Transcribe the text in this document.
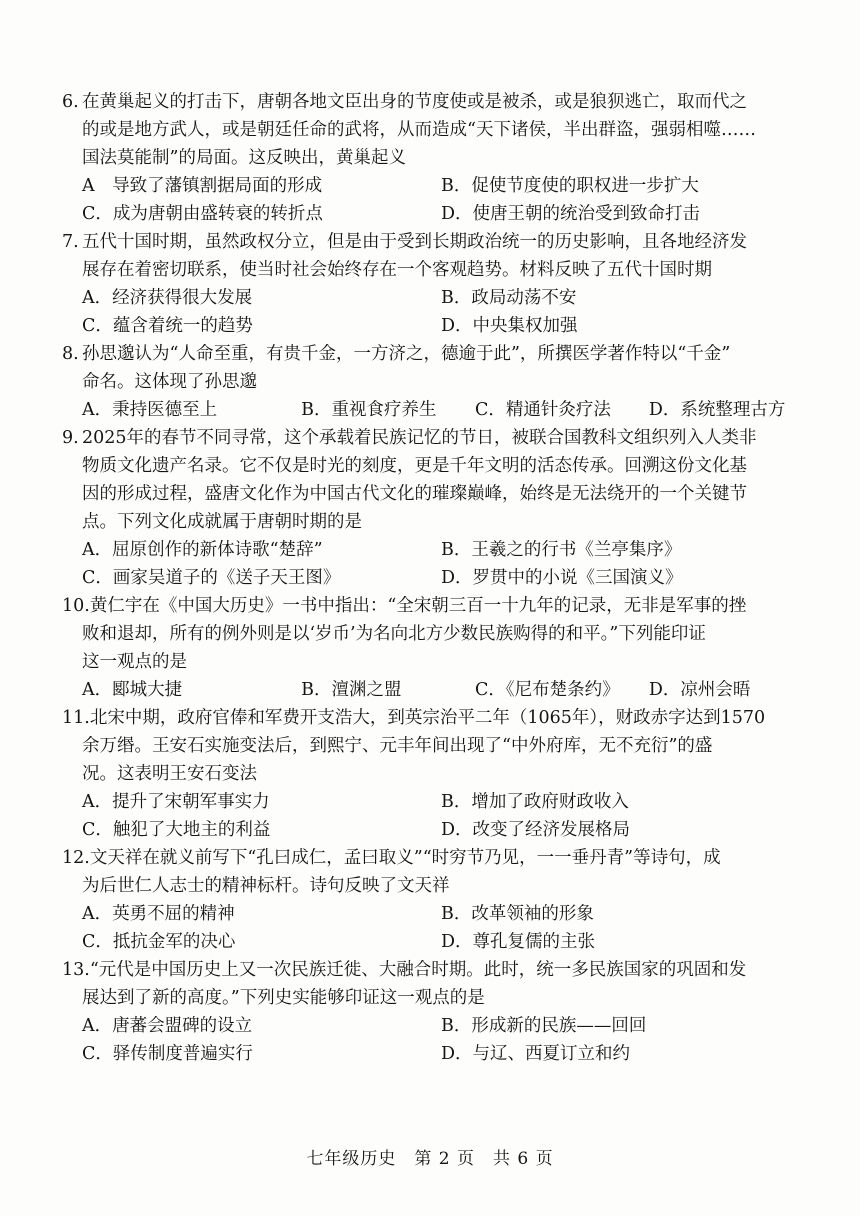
6. 在黄巢起义的打击下，唐朝各地文臣出身的节度使或是被杀，或是狼狈逃亡，取而代之

的或是地方武人，或是朝廷任命的武将，从而造成“天下诸侯，半出群盗，强弱相噬……

国法莫能制”的局面。这反映出，黄巢起义

A　导致了藩镇割据局面的形成	B．促使节度使的职权进一步扩大
C．成为唐朝由盛转衰的转折点	D．使唐王朝的统治受到致命打击

7. 五代十国时期，虽然政权分立，但是由于受到长期政治统一的历史影响，且各地经济发

展存在着密切联系，使当时社会始终存在一个客观趋势。材料反映了五代十国时期

A．经济获得很大发展	B．政局动荡不安
C．蕴含着统一的趋势	D．中央集权加强

8. 孙思邈认为“人命至重，有贵千金，一方济之，德逾于此”，所撰医学著作特以“千金”

命名。这体现了孙思邈

A．秉持医德至上	B．重视食疗养生	C．精通针灸疗法	D．系统整理古方

9. 2025年的春节不同寻常，这个承载着民族记忆的节日，被联合国教科文组织列入人类非

物质文化遗产名录。它不仅是时光的刻度，更是千年文明的活态传承。回溯这份文化基

因的形成过程，盛唐文化作为中国古代文化的璀璨巅峰，始终是无法绕开的一个关键节

点。下列文化成就属于唐朝时期的是

A．屈原创作的新体诗歌“楚辞”	B．王羲之的行书《兰亭集序》
C．画家吴道子的《送子天王图》	D．罗贯中的小说《三国演义》

10.黄仁宇在《中国大历史》一书中指出：“全宋朝三百一十九年的记录，无非是军事的挫

败和退却，所有的例外则是以‘岁币’为名向北方少数民族购得的和平。”下列能印证

这一观点的是

A．郾城大捷	B．澶渊之盟	C．《尼布楚条约》	D．凉州会晤

11.北宋中期，政府官俸和军费开支浩大，到英宗治平二年（1065年），财政赤字达到1570

余万缗。王安石实施变法后，到熙宁、元丰年间出现了“中外府库，无不充衍”的盛

况。这表明王安石变法

A．提升了宋朝军事实力	B．增加了政府财政收入
C．触犯了大地主的利益	D．改变了经济发展格局

12.文天祥在就义前写下“孔曰成仁，孟曰取义”“时穷节乃见，一一垂丹青”等诗句，成

为后世仁人志士的精神标杆。诗句反映了文天祥

A．英勇不屈的精神	B．改革领袖的形象
C．抵抗金军的决心	D．尊孔复儒的主张

13.“元代是中国历史上又一次民族迁徙、大融合时期。此时，统一多民族国家的巩固和发

展达到了新的高度。”下列史实能够印证这一观点的是

A．唐蕃会盟碑的设立	B．形成新的民族——回回
C．驿传制度普遍实行	D．与辽、西夏订立和约
七年级历史　第 2 页　共 6 页
